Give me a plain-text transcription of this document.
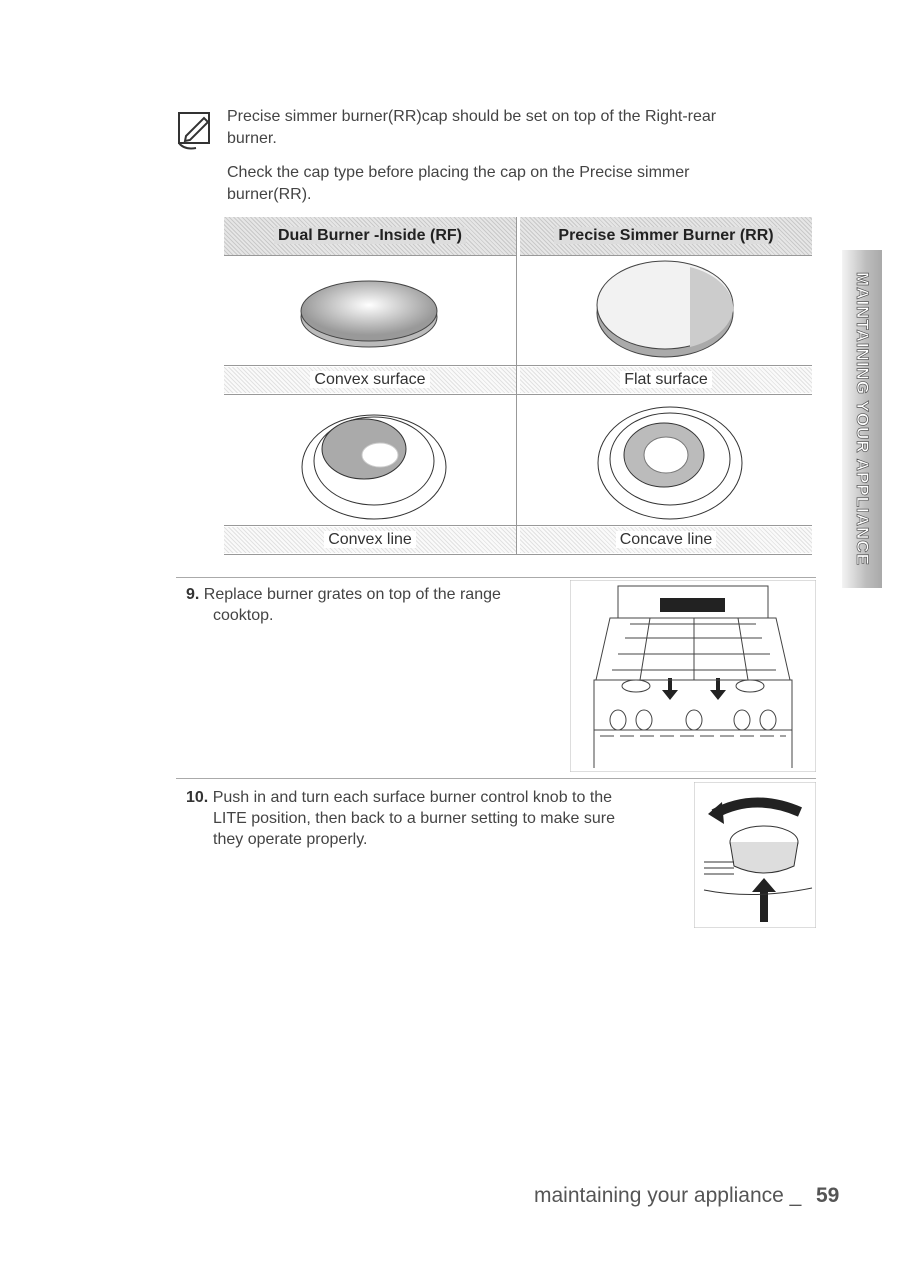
Precise simmer burner(RR)cap should be set on top of the Right-rear
burner.
Check the cap type before placing the cap on the Precise simmer
burner(RR).
Dual Burner -Inside (RF)	Precise Simmer Burner (RR)
Convex surface	Flat surface
Convex line	Concave line
9. Replace burner grates on top of the range
cooktop.
10. Push in and turn each surface burner control knob to the
LITE position, then back to a burner setting to make sure
they operate properly.
MAINTAINING YOUR APPLIANCE
maintaining your appliance _ 59
